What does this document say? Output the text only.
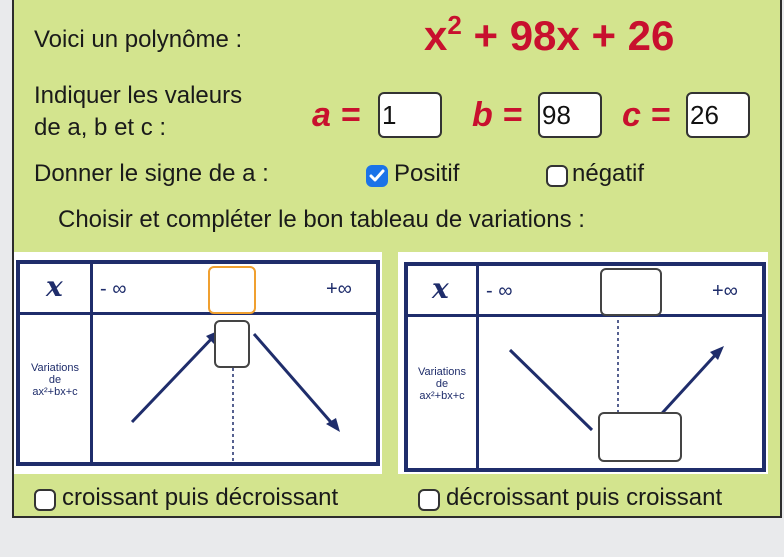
Voici un polynôme :	$x^2 + 98x + 26$
Indiquer les valeurs
de a, b et c :	a = 1	b = 98	c = 26
Donner le signe de a :	Positif	négatif
Choisir et compléter le bon tableau de variations :
x - ∞	+∞
Variations
de
ax²+bx+c
x - ∞	+∞
Variations
de
ax²+bx+c
croissant puis décroissant	décroissant puis croissant
